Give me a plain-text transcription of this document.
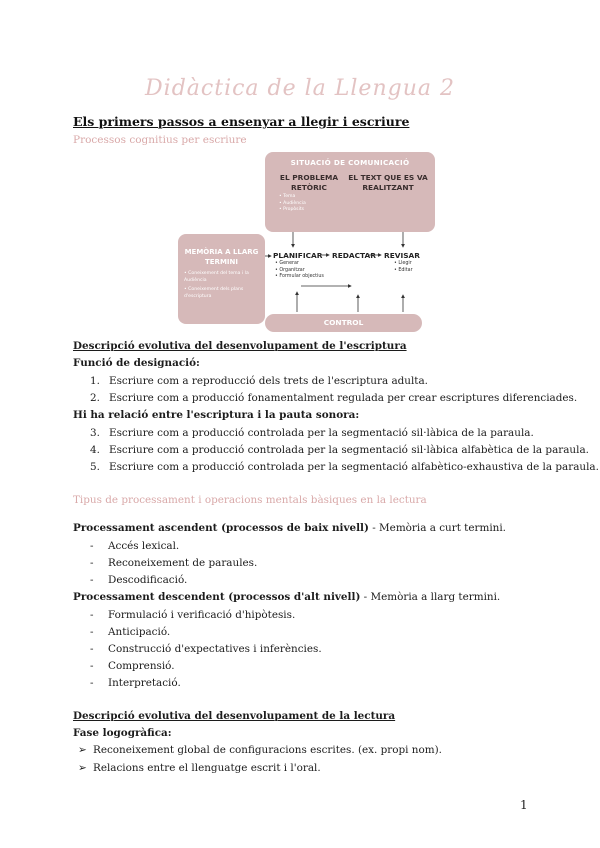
Didàctica de la Llengua 2
Els primers passos a ensenyar a llegir i escriure
Processos cognitius per escriure
SITUACIÓ DE COMUNICACIÓ
EL PROBLEMA RETÒRIC
EL TEXT QUE ES VA REALITZANT
• Tema
• Audiència
• Propòsits
MEMÒRIA A LLARG TERMINI
• Coneixement del tema i la Audiència
• Coneixement dels plans d'escriptura
PLANIFICAR
• Generar
• Organitzar
• Formular objectius
REDACTAR REVISAR
• Llegir
• Editar
CONTROL
Descripció evolutiva del desenvolupament de l'escriptura
Funció de designació:
1. Escriure com a reproducció dels trets de l'escriptura adulta.
2. Escriure com a producció fonamentalment regulada per crear escriptures diferenciades.
Hi ha relació entre l'escriptura i la pauta sonora:
3. Escriure com a producció controlada per la segmentació sil·làbica de la paraula.
4. Escriure com a producció controlada per la segmentació sil·làbica alfabètica de la paraula.
5. Escriure com a producció controlada per la segmentació alfabètico-exhaustiva de la paraula.
Tipus de processament i operacions mentals bàsiques en la lectura
Processament ascendent (processos de baix nivell) - Memòria a curt termini.
- Accés lexical.
- Reconeixement de paraules.
- Descodificació.
Processament descendent (processos d'alt nivell) - Memòria a llarg termini.
- Formulació i verificació d'hipòtesis.
- Anticipació.
- Construcció d'expectatives i inferències.
- Comprensió.
- Interpretació.
Descripció evolutiva del desenvolupament de la lectura
Fase logogràfica:
➢ Reconeixement global de configuracions escrites. (ex. propi nom).
➢ Relacions entre el llenguatge escrit i l'oral.
1
